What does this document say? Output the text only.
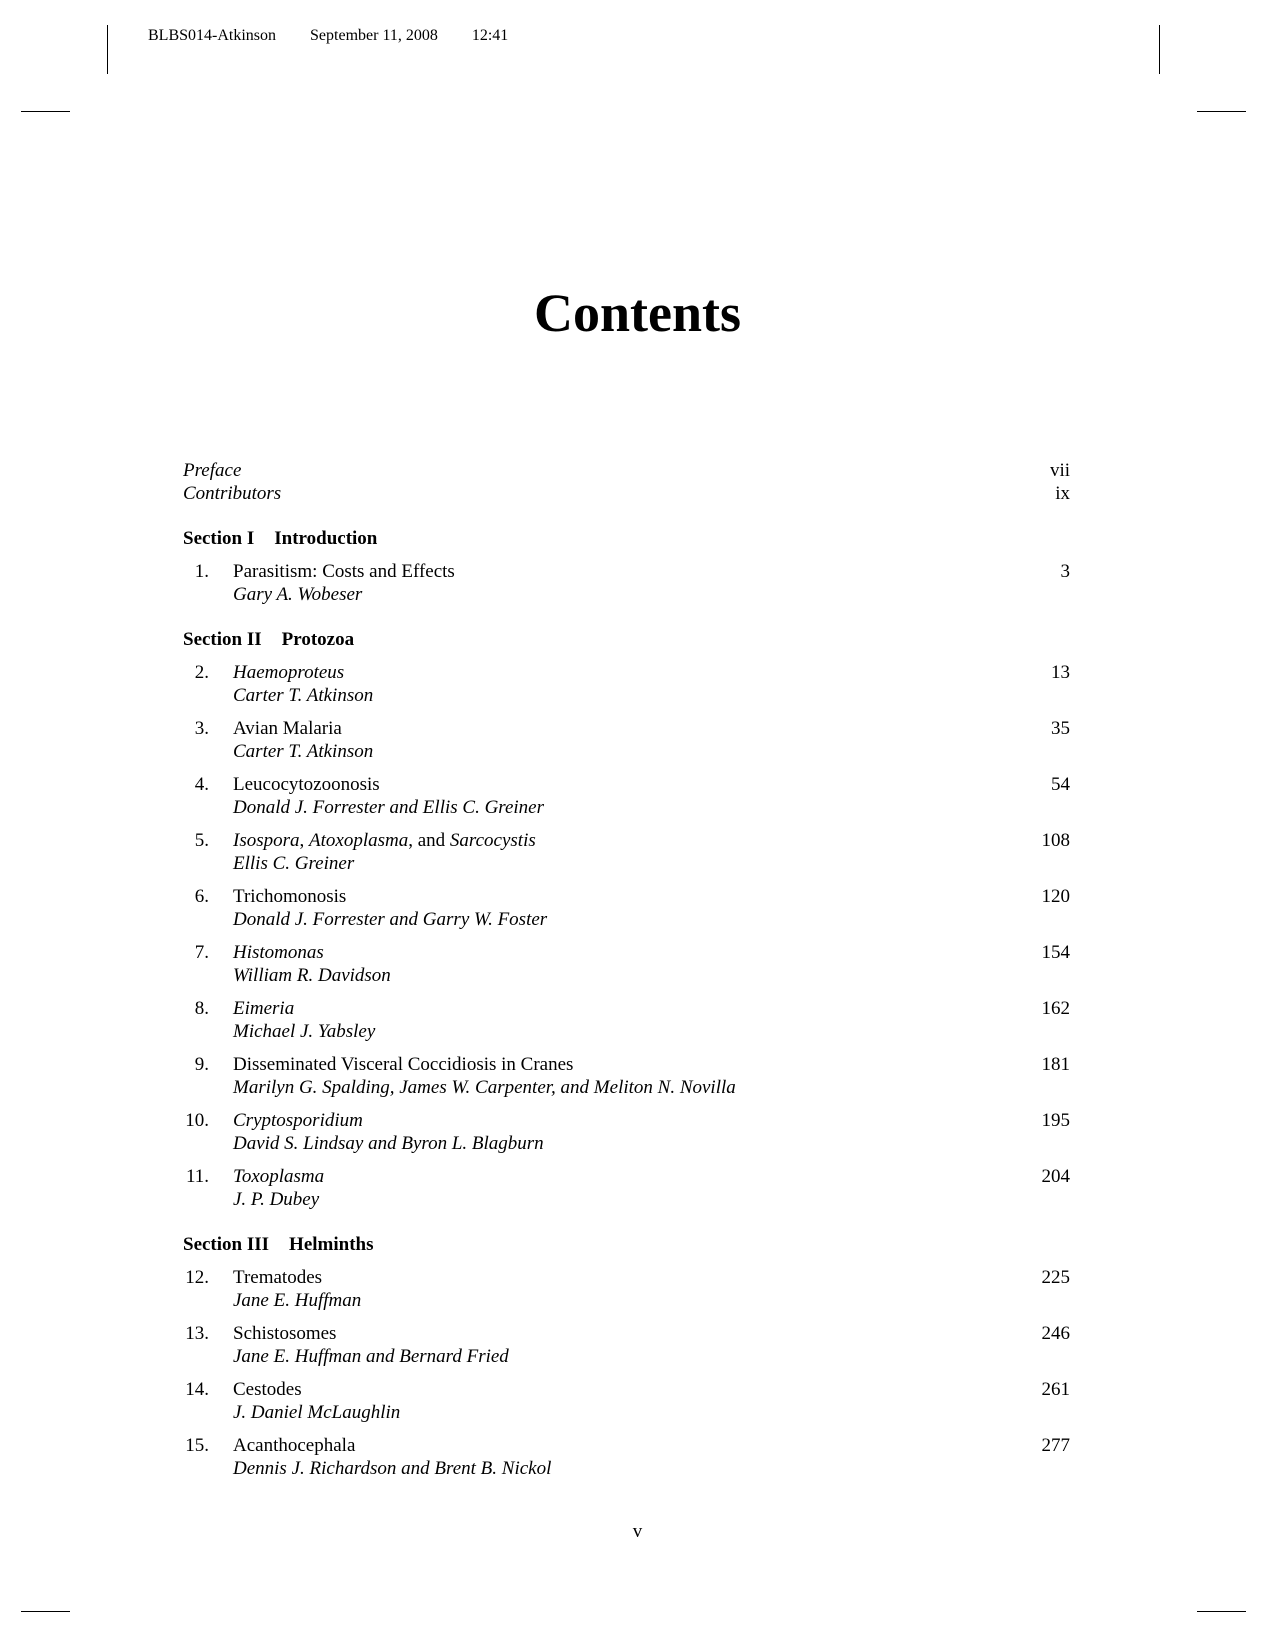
BLBS014-Atkinson September 11, 2008 12:41
Contents
Preface	vii
Contributors	ix
Section I Introduction
1. Parasitism: Costs and Effects
Gary A. Wobeser
3
Section II Protozoa
2. Haemoproteus
Carter T. Atkinson
13
3. Avian Malaria
Carter T. Atkinson
35
4. Leucocytozoonosis
Donald J. Forrester and Ellis C. Greiner
54
5. Isospora, Atoxoplasma, and Sarcocystis
Ellis C. Greiner
108
6. Trichomonosis
Donald J. Forrester and Garry W. Foster
120
7. Histomonas
William R. Davidson
154
8. Eimeria
Michael J. Yabsley
162
9. Disseminated Visceral Coccidiosis in Cranes
Marilyn G. Spalding, James W. Carpenter, and Meliton N. Novilla
181
10. Cryptosporidium
David S. Lindsay and Byron L. Blagburn
195
11. Toxoplasma
J. P. Dubey
204
Section III Helminths
12. Trematodes
Jane E. Huffman
225
13. Schistosomes
Jane E. Huffman and Bernard Fried
246
14. Cestodes
J. Daniel McLaughlin
261
15. Acanthocephala
Dennis J. Richardson and Brent B. Nickol
277
v
